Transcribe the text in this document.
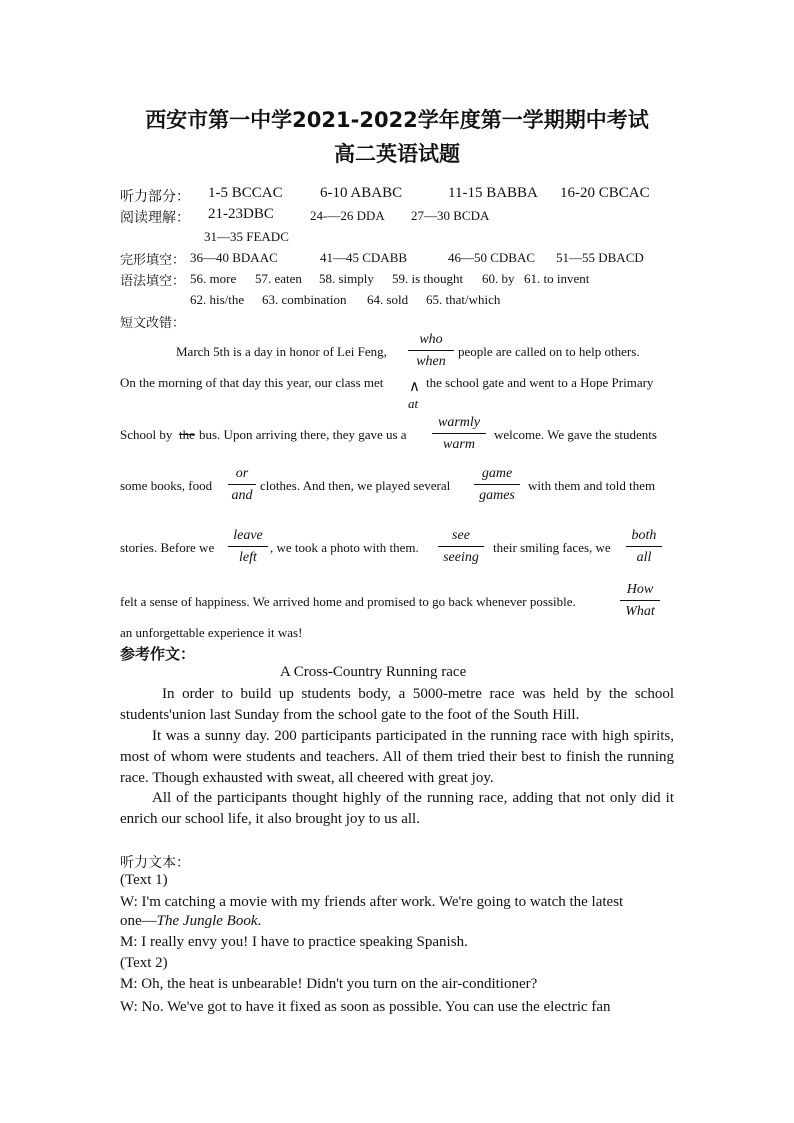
西安市第一中学2021-2022学年度第一学期期中考试
高二英语试题
听力部分： 1-5 BCCAC 6-10 ABABC	11-15 BABBA 16-20 CBCAC
阅读理解： 21-23DBC	24-—26 DDA 27—30 BCDA
31—35 FEADC
完形填空： 36—40 BDAAC	41—45 CDABB	46—50 CDBAC 51—55 DBACD
语法填空： 56. more 57. eaten 58. simply 59. is thought 60. by 61. to invent
62. his/the 63. combination 64. sold 65. that/which
短文改错：
March 5th is a day in honor of Lei Feng,
who
when
people are called on to help others.
On the morning of that day this year, our class met ∧
at
the school gate and went to a Hope Primary
School by the bus. Upon arriving there, they gave us a
warmly
warm
welcome. We gave the students
some books, food
or
and
clothes. And then, we played several
game
games
with them and told them
stories. Before we
leave
left
, we took a photo with them.
see
seeing
their smiling faces, we
both
all
felt a sense of happiness. We arrived home and promised to go back whenever possible.
How
What
an unforgettable experience it was!
参考作文：
A Cross-Country Running race
In order to build up students body, a 5000-metre race was held by the school students'union last Sunday from the school gate to the foot of the South Hill.
It was a sunny day. 200 participants participated in the running race with high spirits, most of whom were students and teachers. All of them tried their best to finish the running race. Though exhausted with sweat, all cheered with great joy.
All of the participants thought highly of the running race, adding that not only did it enrich our school life, it also brought joy to us all.
听力文本：
(Text 1)
W: I'm catching a movie with my friends after work. We're going to watch the latest
one—The Jungle Book.
M: I really envy you! I have to practice speaking Spanish.
(Text 2)
M: Oh, the heat is unbearable! Didn't you turn on the air-conditioner?
W: No. We've got to have it fixed as soon as possible. You can use the electric fan
